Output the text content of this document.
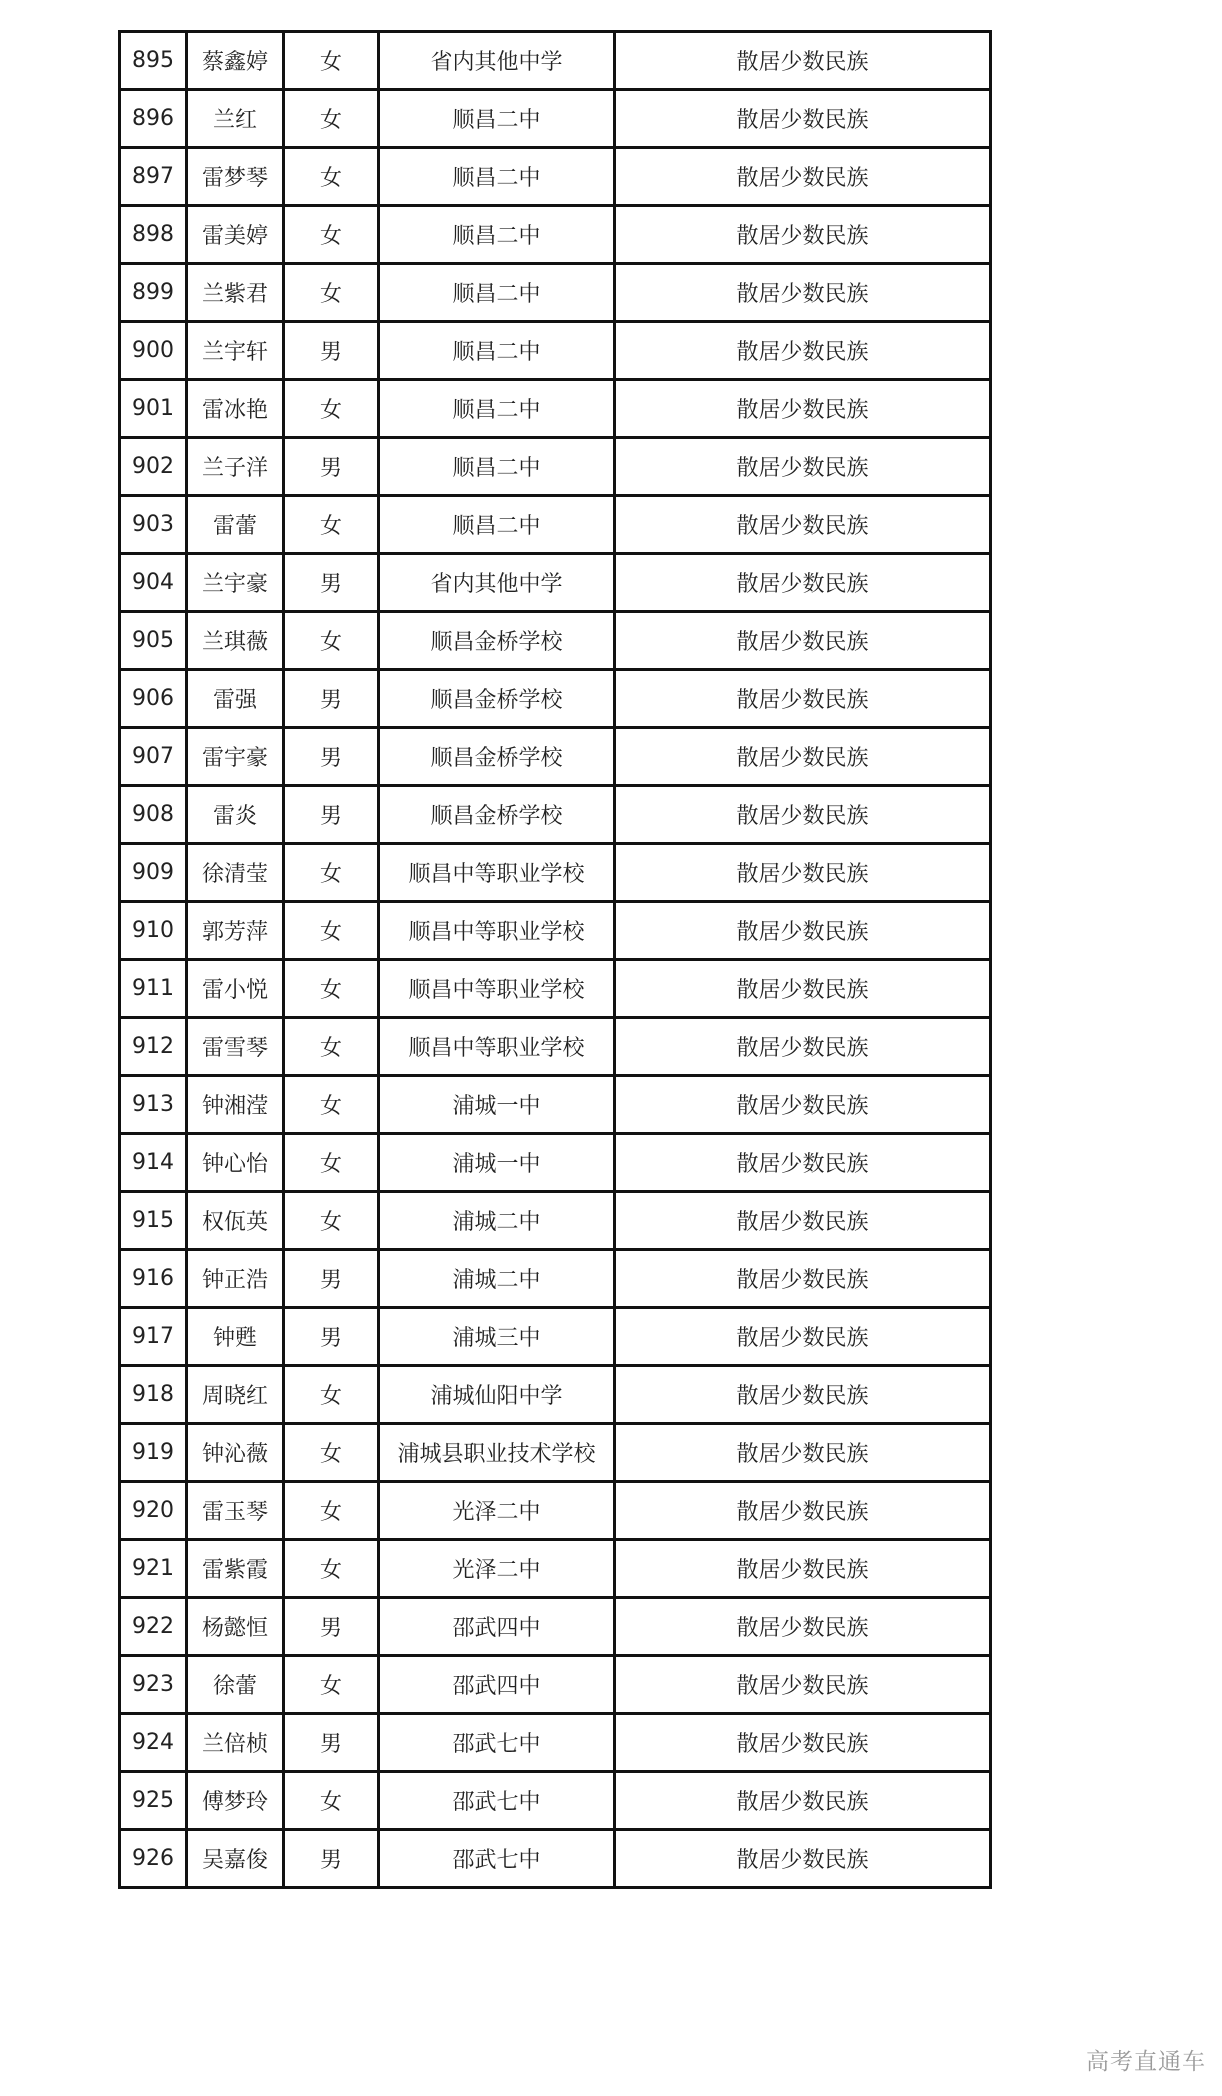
895	蔡鑫婷	女	省内其他中学	散居少数民族
896	兰红	女	顺昌二中	散居少数民族
897	雷梦琴	女	顺昌二中	散居少数民族
898	雷美婷	女	顺昌二中	散居少数民族
899	兰紫君	女	顺昌二中	散居少数民族
900	兰宇轩	男	顺昌二中	散居少数民族
901	雷冰艳	女	顺昌二中	散居少数民族
902	兰子洋	男	顺昌二中	散居少数民族
903	雷蕾	女	顺昌二中	散居少数民族
904	兰宇豪	男	省内其他中学	散居少数民族
905	兰琪薇	女	顺昌金桥学校	散居少数民族
906	雷强	男	顺昌金桥学校	散居少数民族
907	雷宇豪	男	顺昌金桥学校	散居少数民族
908	雷炎	男	顺昌金桥学校	散居少数民族
909	徐清莹	女	顺昌中等职业学校	散居少数民族
910	郭芳萍	女	顺昌中等职业学校	散居少数民族
911	雷小悦	女	顺昌中等职业学校	散居少数民族
912	雷雪琴	女	顺昌中等职业学校	散居少数民族
913	钟湘滢	女	浦城一中	散居少数民族
914	钟心怡	女	浦城一中	散居少数民族
915	权佤英	女	浦城二中	散居少数民族
916	钟正浩	男	浦城二中	散居少数民族
917	钟甦	男	浦城三中	散居少数民族
918	周晓红	女	浦城仙阳中学	散居少数民族
919	钟沁薇	女	浦城县职业技术学校	散居少数民族
920	雷玉琴	女	光泽二中	散居少数民族
921	雷紫霞	女	光泽二中	散居少数民族
922	杨懿恒	男	邵武四中	散居少数民族
923	徐蕾	女	邵武四中	散居少数民族
924	兰倍桢	男	邵武七中	散居少数民族
925	傅梦玲	女	邵武七中	散居少数民族
926	吴嘉俊	男	邵武七中	散居少数民族
高考直通车
